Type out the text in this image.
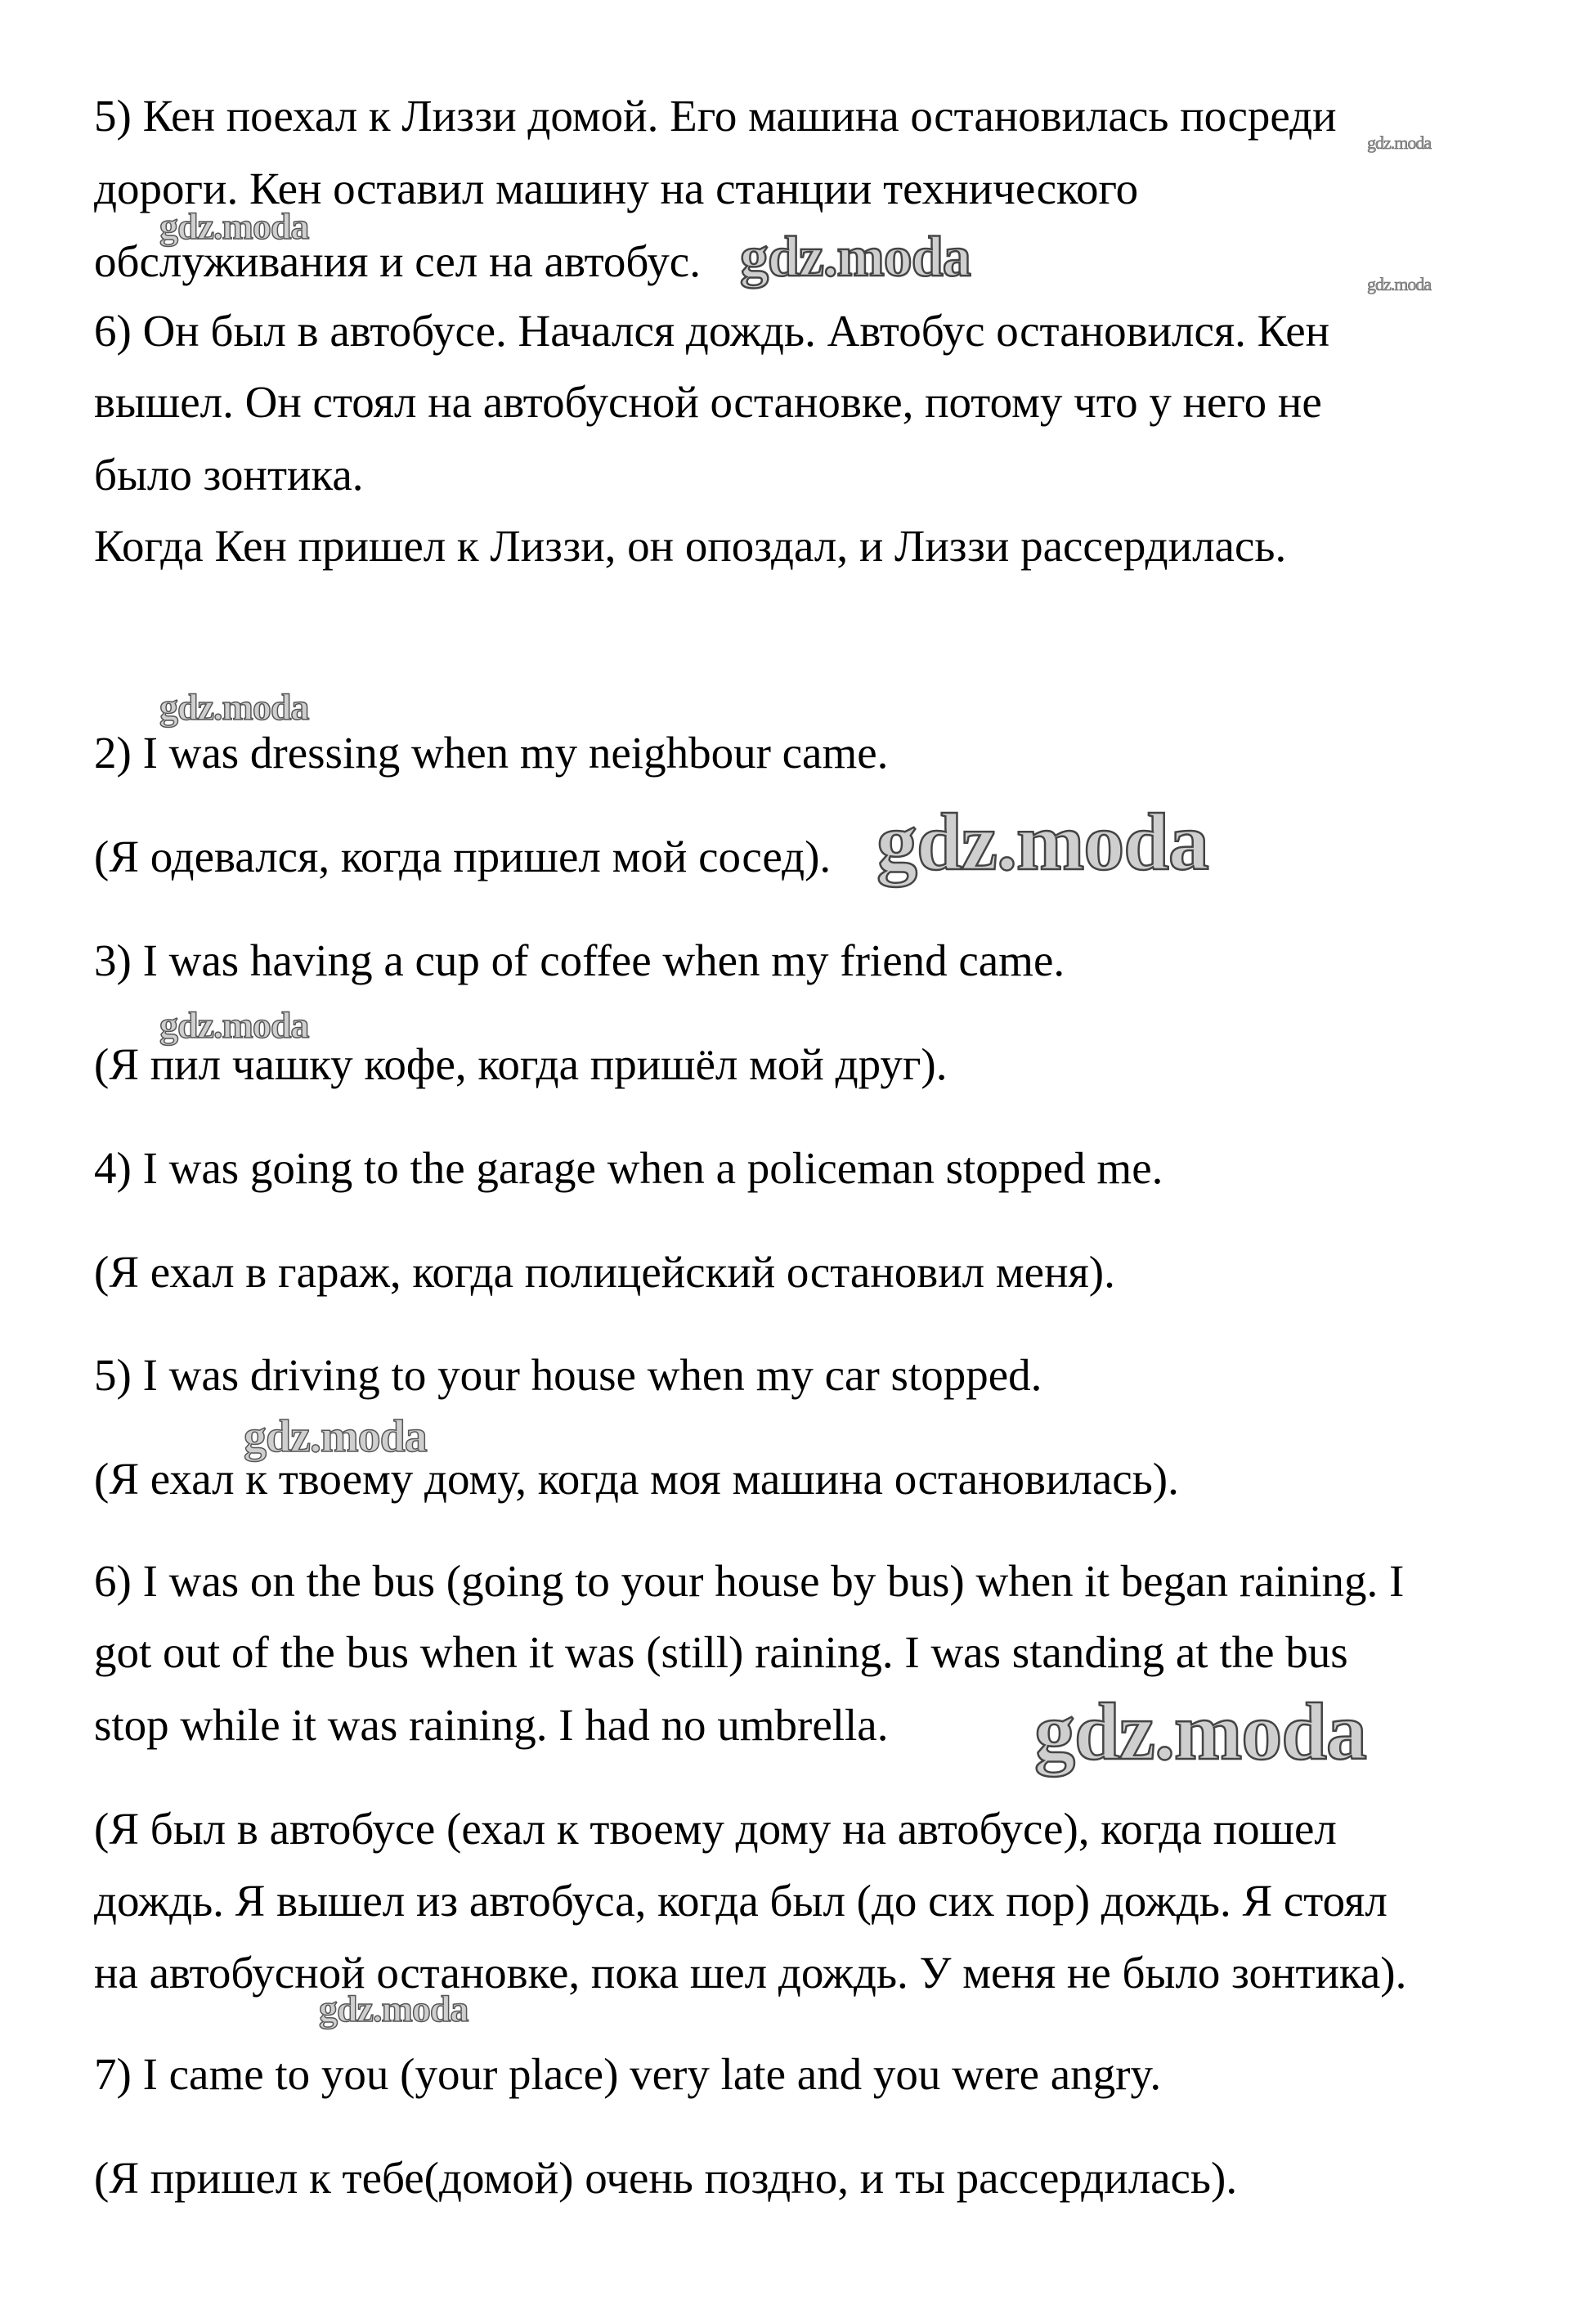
5) Кен поехал к Лиззи домой. Его машина остановилась посреди
дороги. Кен оставил машину на станции технического
обслуживания и сел на автобус.
6) Он был в автобусе. Начался дождь. Автобус остановился. Кен
вышел. Он стоял на автобусной остановке, потому что у него не
было зонтика.
Когда Кен пришел к Лиззи, он опоздал, и Лиззи рассердилась.
2) I was dressing when my neighbour came.
(Я одевался, когда пришел мой сосед).
3) I was having a cup of coffee when my friend came.
(Я пил чашку кофе, когда пришёл мой друг).
4) I was going to the garage when a policeman stopped me.
(Я ехал в гараж, когда полицейский остановил меня).
5) I was driving to your house when my car stopped.
(Я ехал к твоему дому, когда моя машина остановилась).
6) I was on the bus (going to your house by bus) when it began raining. I
got out of the bus when it was (still) raining. I was standing at the bus
stop while it was raining. I had no umbrella.
(Я был в автобусе (ехал к твоему дому на автобусе), когда пошел
дождь. Я вышел из автобуса, когда был (до сих пор) дождь. Я стоял
на автобусной остановке, пока шел дождь. У меня не было зонтика).
7) I came to you (your place) very late and you were angry.
(Я пришел к тебе(домой) очень поздно, и ты рассердилась).
gdz.moda
gdz.moda	gdz.moda	gdz.moda
gdz.moda
gdz.moda
gdz.moda
gdz.moda
gdz.moda
gdz.moda
